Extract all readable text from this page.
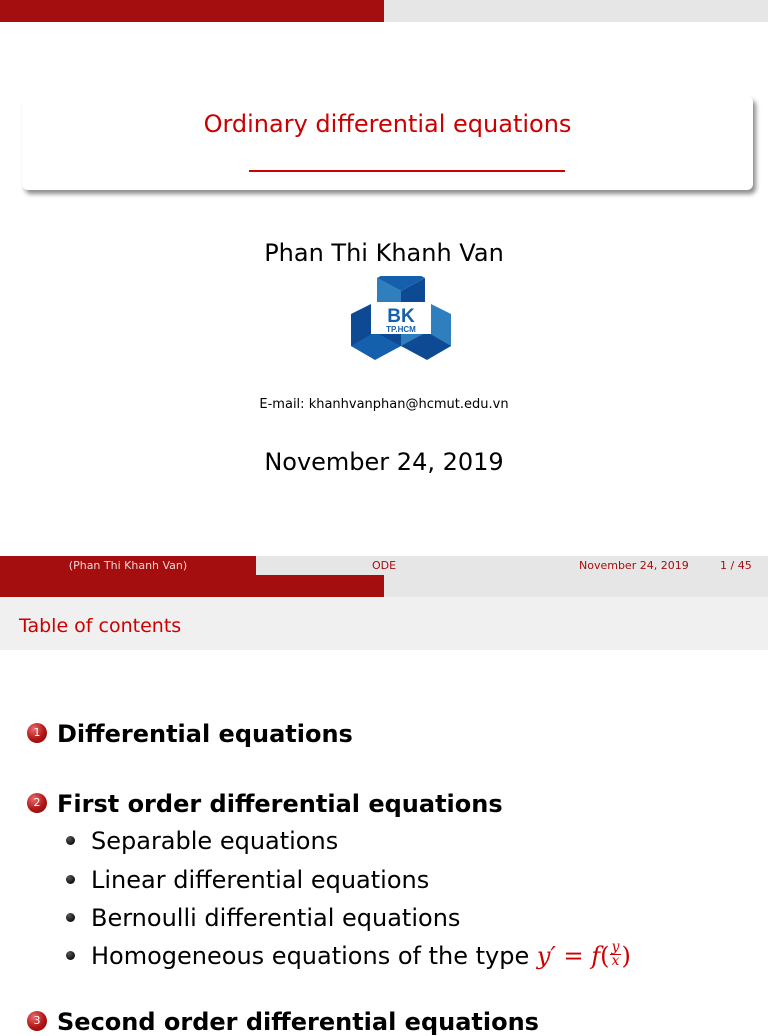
Ordinary differential equations
Phan Thi Khanh Van
BK
TP.HCM
E-mail: khanhvanphan@hcmut.edu.vn
November 24, 2019
(Phan Thi Khanh Van)	ODE	November 24, 2019	1 / 45
Table of contents
1 Differential equations
2 First order differential equations
Separable equations
Linear differential equations
Bernoulli differential equations
Homogeneous equations of the type $y' = f( \frac{y}{x}$ )
3 Second order differential equations
